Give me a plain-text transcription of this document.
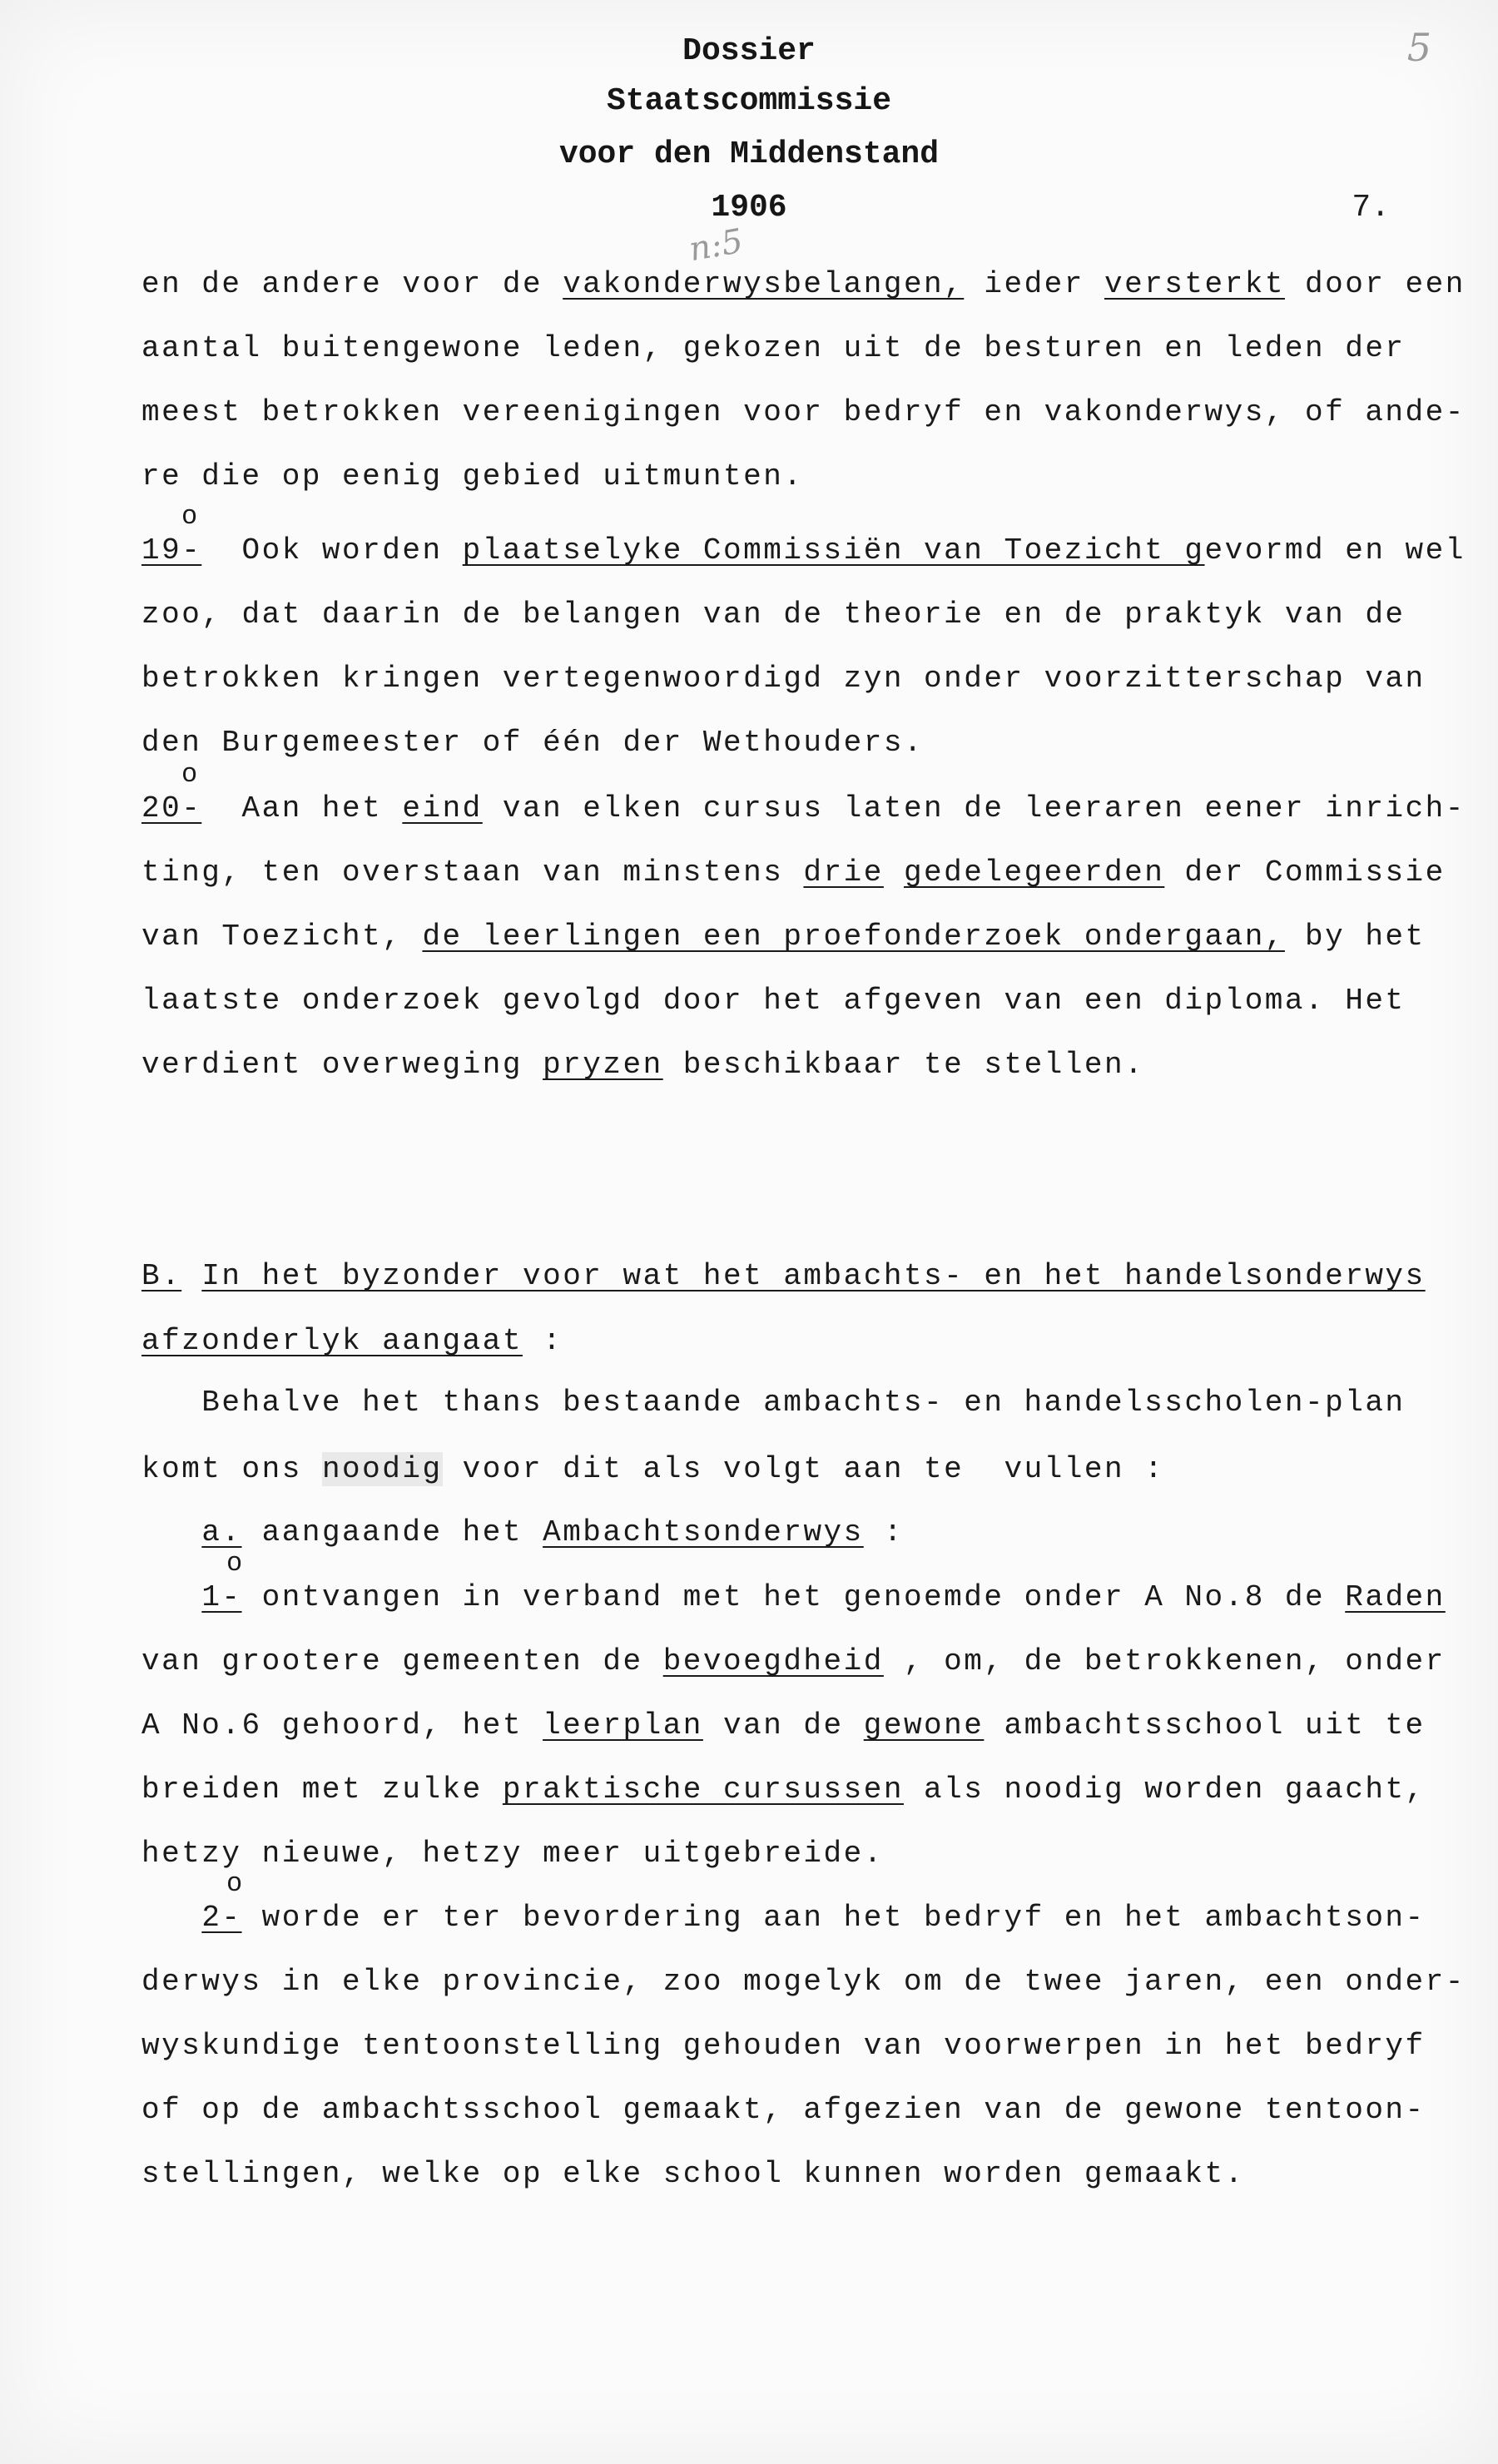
5
Dossier
Staatscommissie
voor den Middenstand
1906	7.
n:5
en de andere voor de vakonderwysbelangen, ieder versterkt door een
aantal buitengewone leden, gekozen uit de besturen en leden der
meest betrokken vereenigingen voor bedryf en vakonderwys, of ande-
re die op eenig gebied uitmunten.
o
19-  Ook worden plaatselyke Commissiën van Toezicht gevormd en wel
zoo, dat daarin de belangen van de theorie en de praktyk van de
betrokken kringen vertegenwoordigd zyn onder voorzitterschap van
den Burgemeester of één der Wethouders.
o
20-  Aan het eind van elken cursus laten de leeraren eener inrich-
ting, ten overstaan van minstens drie gedelegeerden der Commissie
van Toezicht, de leerlingen een proefonderzoek ondergaan, by het
laatste onderzoek gevolgd door het afgeven van een diploma. Het
verdient overweging pryzen beschikbaar te stellen.
B. In het byzonder voor wat het ambachts- en het handelsonderwys
afzonderlyk aangaat :
Behalve het thans bestaande ambachts- en handelsscholen-plan
komt ons noodig voor dit als volgt aan te  vullen :
a. aangaande het Ambachtsonderwys :
o
1- ontvangen in verband met het genoemde onder A No.8 de Raden
van grootere gemeenten de bevoegdheid , om, de betrokkenen, onder
A No.6 gehoord, het leerplan van de gewone ambachtsschool uit te
breiden met zulke praktische cursussen als noodig worden gaacht,
hetzy nieuwe, hetzy meer uitgebreide.
o
2- worde er ter bevordering aan het bedryf en het ambachtson-
derwys in elke provincie, zoo mogelyk om de twee jaren, een onder-
wyskundige tentoonstelling gehouden van voorwerpen in het bedryf
of op de ambachtsschool gemaakt, afgezien van de gewone tentoon-
stellingen, welke op elke school kunnen worden gemaakt.
